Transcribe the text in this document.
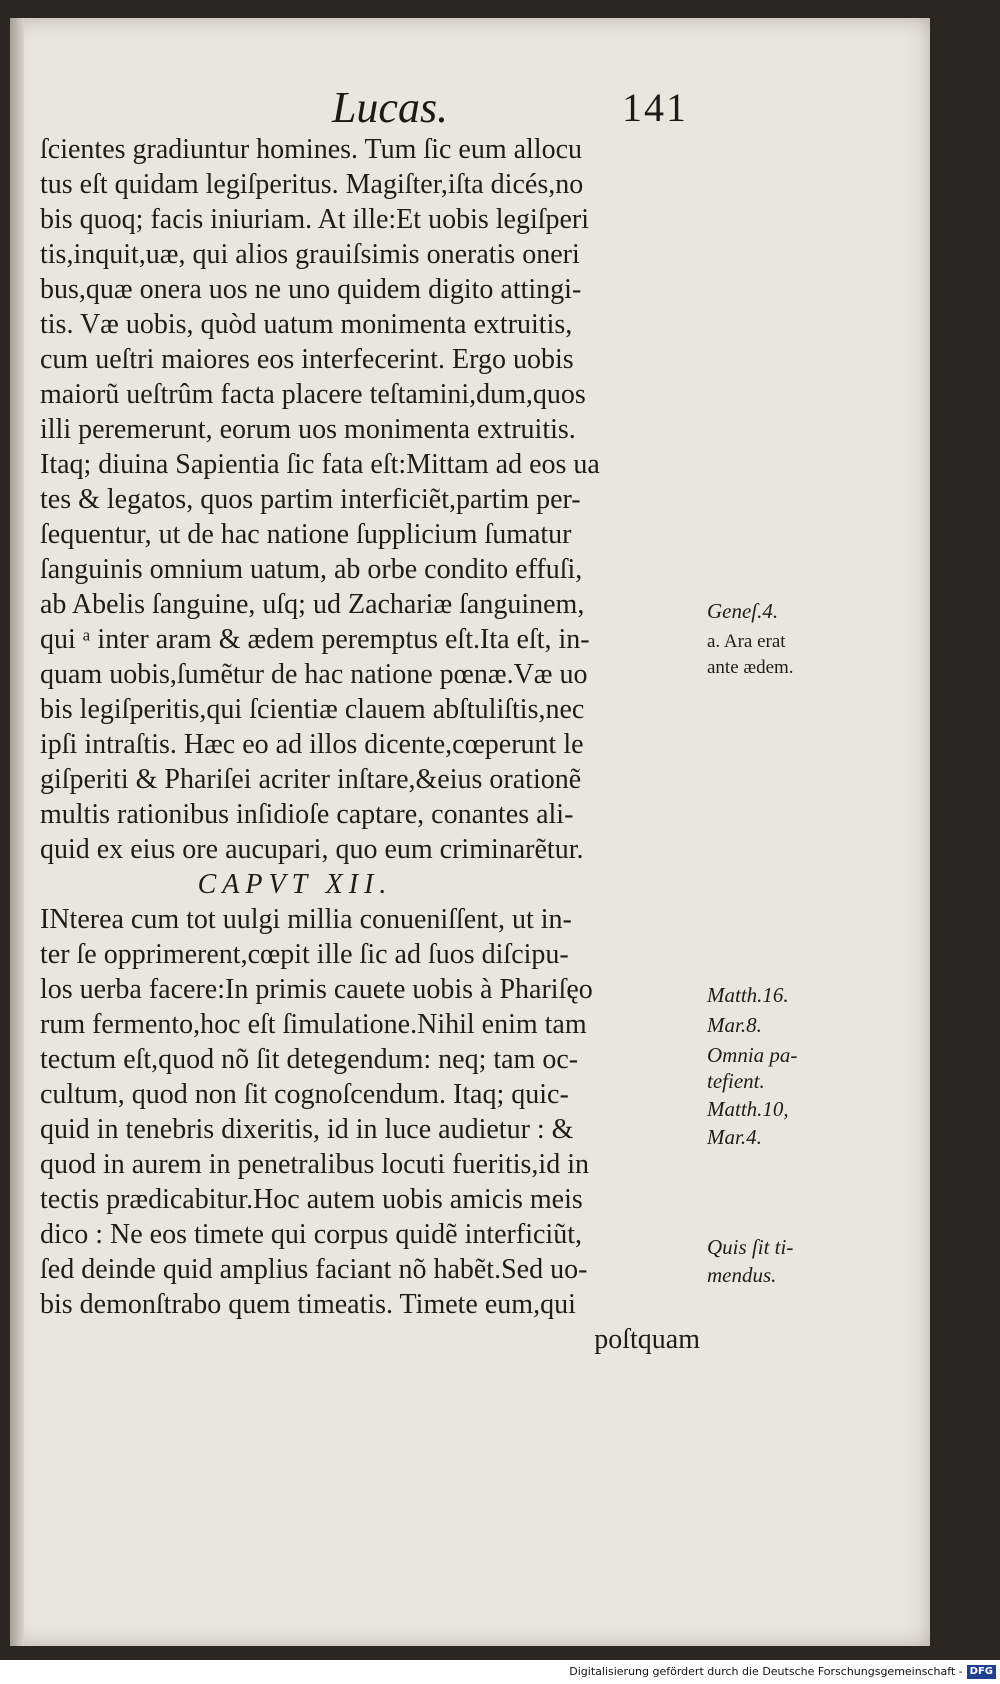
Lucas.	141
ſcientes gradiuntur homines. Tum ſic eum allocu
tus eſt quidam legiſperitus. Magiſter,iſta dicés,no
bis quoq; facis iniuriam. At ille:Et uobis legiſperi
tis,inquit,uæ, qui alios grauiſsimis oneratis oneri
bus,quæ onera uos ne uno quidem digito attingi-
tis. Væ uobis, quòd uatum monimenta extruitis,
cum ueſtri maiores eos interfecerint. Ergo uobis
maiorũ ueſtrûm facta placere teſtamini,dum,quos
illi peremerunt, eorum uos monimenta extruitis.
Itaq; diuina Sapientia ſic fata eſt:Mittam ad eos ua
tes & legatos, quos partim interficiẽt,partim per-
ſequentur, ut de hac natione ſupplicium ſumatur
ſanguinis omnium uatum, ab orbe condito effuſi,
ab Abelis ſanguine, uſq; ud Zachariæ ſanguinem,
qui ᵃ inter aram & ædem peremptus eſt.Ita eſt, in-
quam uobis,ſumẽtur de hac natione pœnæ.Væ uo
bis legiſperitis,qui ſcientiæ clauem abſtuliſtis,nec
ipſi intraſtis. Hæc eo ad illos dicente,cœperunt le
giſperiti & Phariſei acriter inſtare,&eius orationẽ
multis rationibus inſidioſe captare, conantes ali-
quid ex eius ore aucupari, quo eum criminarẽtur.
CAPVT XII.
INterea cum tot uulgi millia conueniſſent, ut in-
ter ſe opprimerent,cœpit ille ſic ad ſuos diſcipu-
los uerba facere:In primis cauete uobis à Phariſęo
rum fermento,hoc eſt ſimulatione.Nihil enim tam
tectum eſt,quod nõ ſit detegendum: neq; tam oc-
cultum, quod non ſit cognoſcendum. Itaq; quic-
quid in tenebris dixeritis, id in luce audietur : &
quod in aurem in penetralibus locuti fueritis,id in
tectis prædicabitur.Hoc autem uobis amicis meis
dico : Ne eos timete qui corpus quidẽ interficiũt,
ſed deinde quid amplius faciant nõ habẽt.Sed uo-
bis demonſtrabo quem timeatis. Timete eum,qui
poſtquam
Geneſ.4.
a. Ara erat
ante ædem.
Matth.16.
Mar.8.
Omnia pa-
tefient.
Matth.10,
Mar.4.
Quis ſit ti-
mendus.
Digitalisierung gefördert durch die Deutsche Forschungsgemeinschaft - DFG
